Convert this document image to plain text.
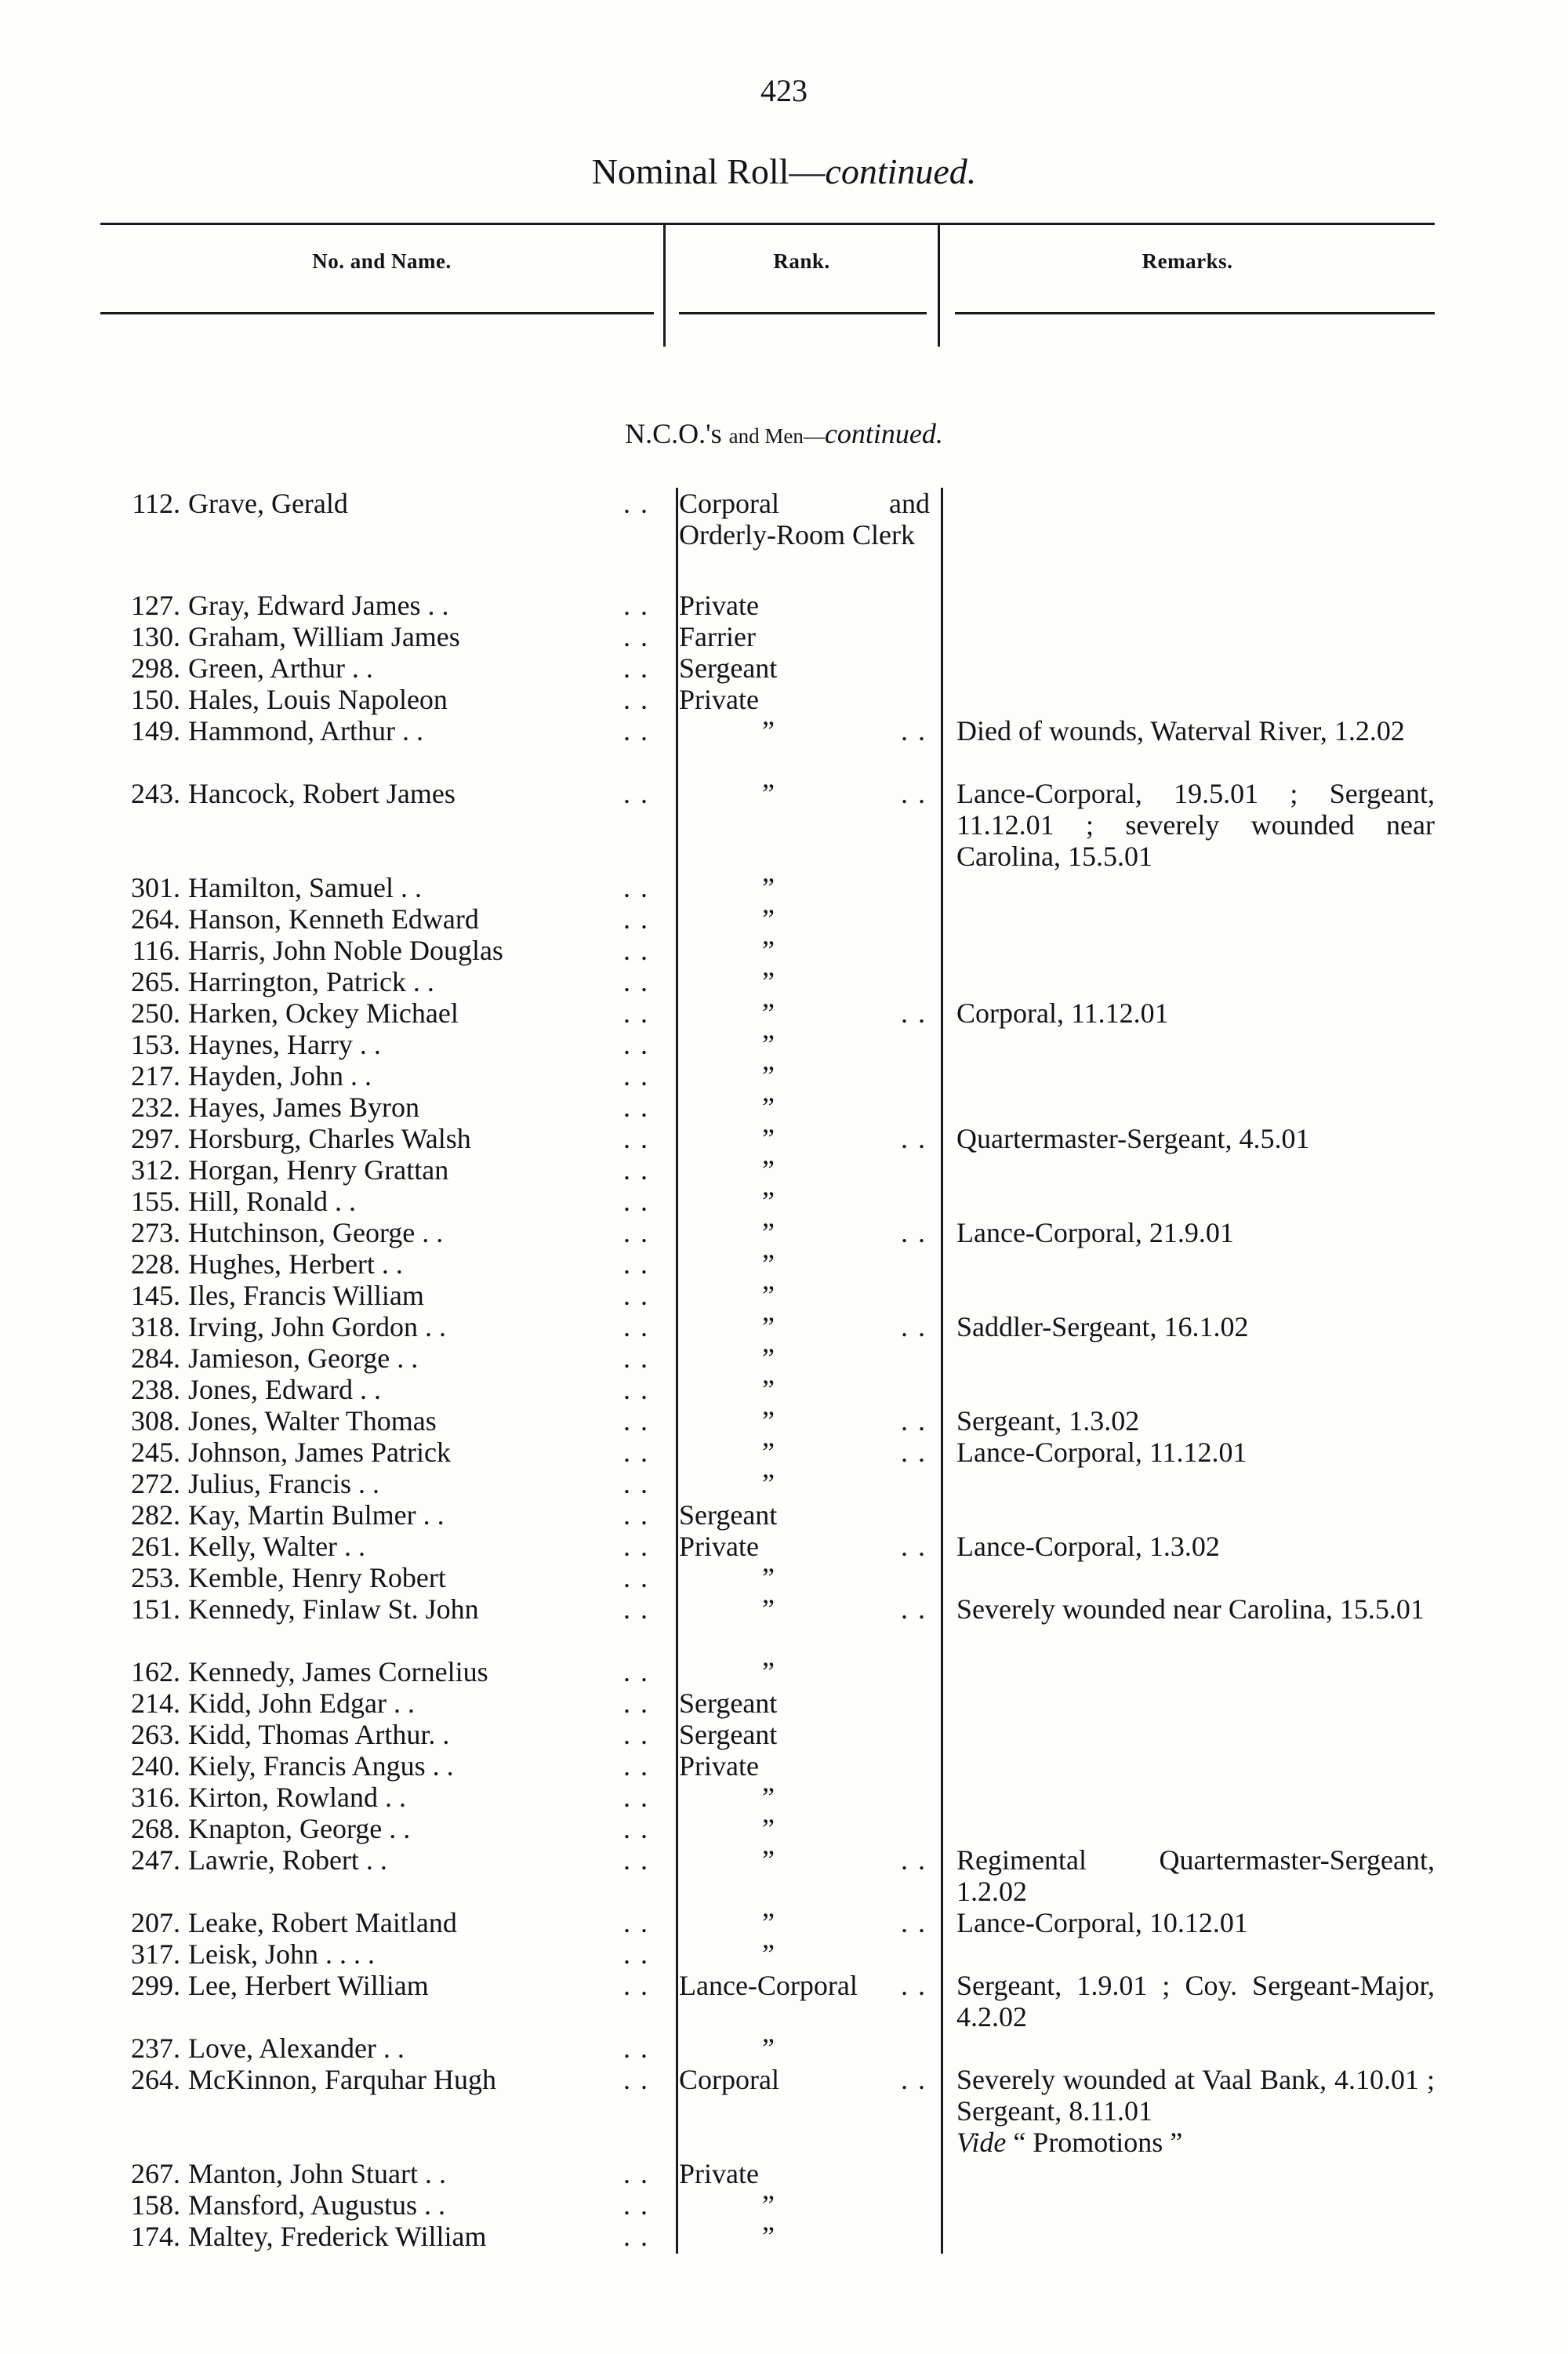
423
Nominal Roll—continued.
No. and Name.	Rank.	Remarks.
N.C.O.'s and Men—continued.
112. Grave, Gerald	. . Corporal and Orderly-Room Clerk
127. Gray, Edward James . .	. . Private
130. Graham, William James	. . Farrier
298. Green, Arthur . .	. . Sergeant
150. Hales, Louis Napoleon	. . Private
149. Hammond, Arthur . .	. .	”	. . Died of wounds, Waterval River, 1.2.02
243. Hancock, Robert James	. .	”	. . Lance-Corporal, 19.5.01 ; Sergeant, 11.12.01 ; severely wounded near Carolina, 15.5.01
301. Hamilton, Samuel . .	. .	”
264. Hanson, Kenneth Edward	. .	”
116. Harris, John Noble Douglas	. .	”
265. Harrington, Patrick . .	. .	”
250. Harken, Ockey Michael	. .	”	. . Corporal, 11.12.01
153. Haynes, Harry . .	. .	”
217. Hayden, John . .	. .	”
232. Hayes, James Byron	. .	”
297. Horsburg, Charles Walsh	. .	”	. . Quartermaster-Sergeant, 4.5.01
312. Horgan, Henry Grattan	. .	”
155. Hill, Ronald . .	. .	”
273. Hutchinson, George . .	. .	”	. . Lance-Corporal, 21.9.01
228. Hughes, Herbert . .	. .	”
145. Iles, Francis William	. .	”
318. Irving, John Gordon . .	. .	”	. . Saddler-Sergeant, 16.1.02
284. Jamieson, George . .	. .	”
238. Jones, Edward . .	. .	”
308. Jones, Walter Thomas	. .	”	. . Sergeant, 1.3.02
245. Johnson, James Patrick	. .	”	. . Lance-Corporal, 11.12.01
272. Julius, Francis . .	. .	”
282. Kay, Martin Bulmer . .	. . Sergeant
261. Kelly, Walter . .	. . Private	. . Lance-Corporal, 1.3.02
253. Kemble, Henry Robert	. .	”
151. Kennedy, Finlaw St. John	. .	”	. . Severely wounded near Carolina, 15.5.01
162. Kennedy, James Cornelius	. .	”
214. Kidd, John Edgar . .	. . Sergeant
263. Kidd, Thomas Arthur. .	. . Sergeant
240. Kiely, Francis Angus . .	. . Private
316. Kirton, Rowland . .	. .	”
268. Knapton, George . .	. .	”
247. Lawrie, Robert . .	. .	”	. . Regimental Quartermaster-Sergeant, 1.2.02
207. Leake, Robert Maitland	. .	”	. . Lance-Corporal, 10.12.01
317. Leisk, John . . . .	. .	”
299. Lee, Herbert William	. . Lance-Corporal	. . Sergeant, 1.9.01 ; Coy. Sergeant-Major, 4.2.02
237. Love, Alexander . .	. .	”
264. McKinnon, Farquhar Hugh	. . Corporal	. . Severely wounded at Vaal Bank, 4.10.01 ; Sergeant, 8.11.01
Vide “ Promotions ”
267. Manton, John Stuart . .	. . Private
158. Mansford, Augustus . .	. .	”
174. Maltey, Frederick William	. .	”
